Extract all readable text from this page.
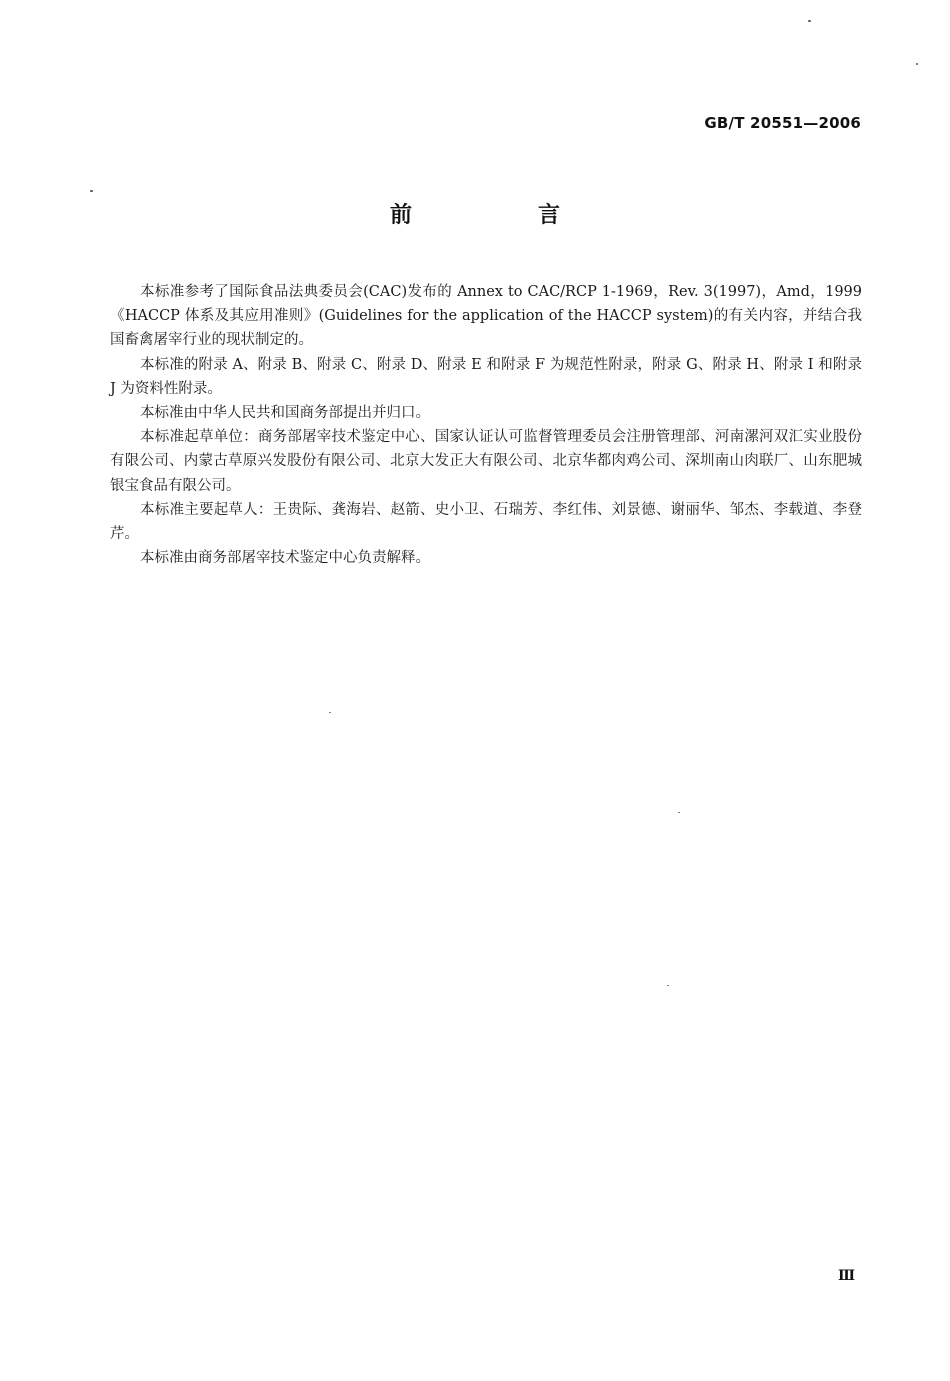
GB/T 20551—2006
前　言

本标准参考了国际食品法典委员会(CAC)发布的 Annex to CAC/RCP 1-1969，Rev. 3(1997)，Amd，1999《HACCP 体系及其应用准则》(Guidelines for the application of the HACCP system)的有关内容，并结合我国畜禽屠宰行业的现状制定的。

本标准的附录 A、附录 B、附录 C、附录 D、附录 E 和附录 F 为规范性附录，附录 G、附录 H、附录 I 和附录 J 为资料性附录。

本标准由中华人民共和国商务部提出并归口。

本标准起草单位：商务部屠宰技术鉴定中心、国家认证认可监督管理委员会注册管理部、河南漯河双汇实业股份有限公司、内蒙古草原兴发股份有限公司、北京大发正大有限公司、北京华都肉鸡公司、深圳南山肉联厂、山东肥城银宝食品有限公司。

本标准主要起草人：王贵际、龚海岩、赵箭、史小卫、石瑞芳、李红伟、刘景德、谢丽华、邹杰、李载道、李登芹。

本标准由商务部屠宰技术鉴定中心负责解释。

Ⅲ
